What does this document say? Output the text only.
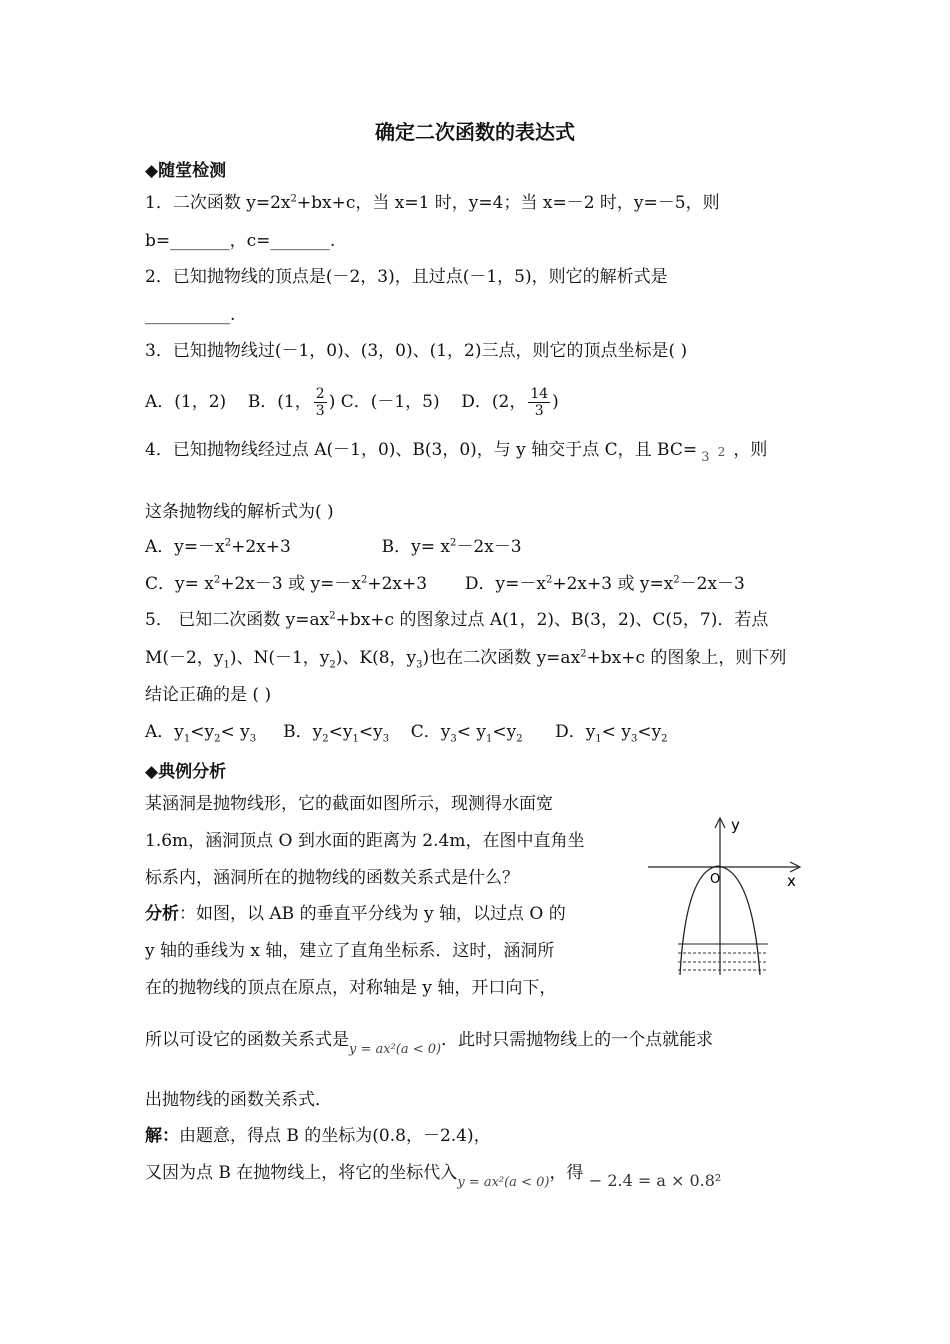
确定二次函数的表达式
◆随堂检测
1．二次函数 $y=2x^2+bx+c$，当 x=1 时，y=4；当 x=－2 时，y=－5，则
b=_______，c=_______.
2．已知抛物线的顶点是(－2，3)，且过点(－1，5)，则它的解析式是
__________.
3．已知抛物线过(－1，0)、(3，0)、(1，2)三点，则它的顶点坐标是( )
A．(1，2) B．(1， $\frac{2}{3}$ ) C．(－1，5) D．(2， $\frac{14}{3}$ )
4．已知抛物线经过点 A(－1，0)、B(3，0)，与 y 轴交于点 C，且 BC= 3 2 ，则
这条抛物线的解析式为( )
A．$y=-x^2+2x+3$	B．$y= x^2-2x-3$
C．$y= x^2+2x-3$ 或 $y=-x^2+2x+3$ D．$y=-x^2+2x+3$ 或 $y=x^2-2x-3$
5． 已知二次函数 $y=ax^2+bx+c$ 的图象过点 A(1，2)、B(3，2)、C(5，7)．若点
M(－2，$y_1$)、N(－1，$y_2$)、K(8，$y_3$)也在二次函数 $y=ax^2+bx+c$ 的图象上，则下列
结论正确的是 ( )
A．$y_1<y_2< y_3$ B．$y_2<y_1<y_3$ C．$y_3< y_1<y_2$ D．$y_1< y_3<y_2$
◆典例分析
某涵洞是抛物线形，它的截面如图所示，现测得水面宽
1.6m，涵洞顶点 O 到水面的距离为 2.4m，在图中直角坐
标系内，涵洞所在的抛物线的函数关系式是什么？
分析：如图，以 AB 的垂直平分线为 y 轴，以过点 O 的
y 轴的垂线为 x 轴，建立了直角坐标系．这时，涵洞所
在的抛物线的顶点在原点，对称轴是 y 轴，开口向下，
所以可设它的函数关系式是$_{y = ax^2(a < 0)}$．此时只需抛物线上的一个点就能求
出抛物线的函数关系式．
解：由题意，得点 B 的坐标为(0.8，－2.4)，
又因为点 B 在抛物线上，将它的坐标代入$_{y = ax^2(a < 0)}$，得 − 2.4 = a × 0.8²
y
x
O
